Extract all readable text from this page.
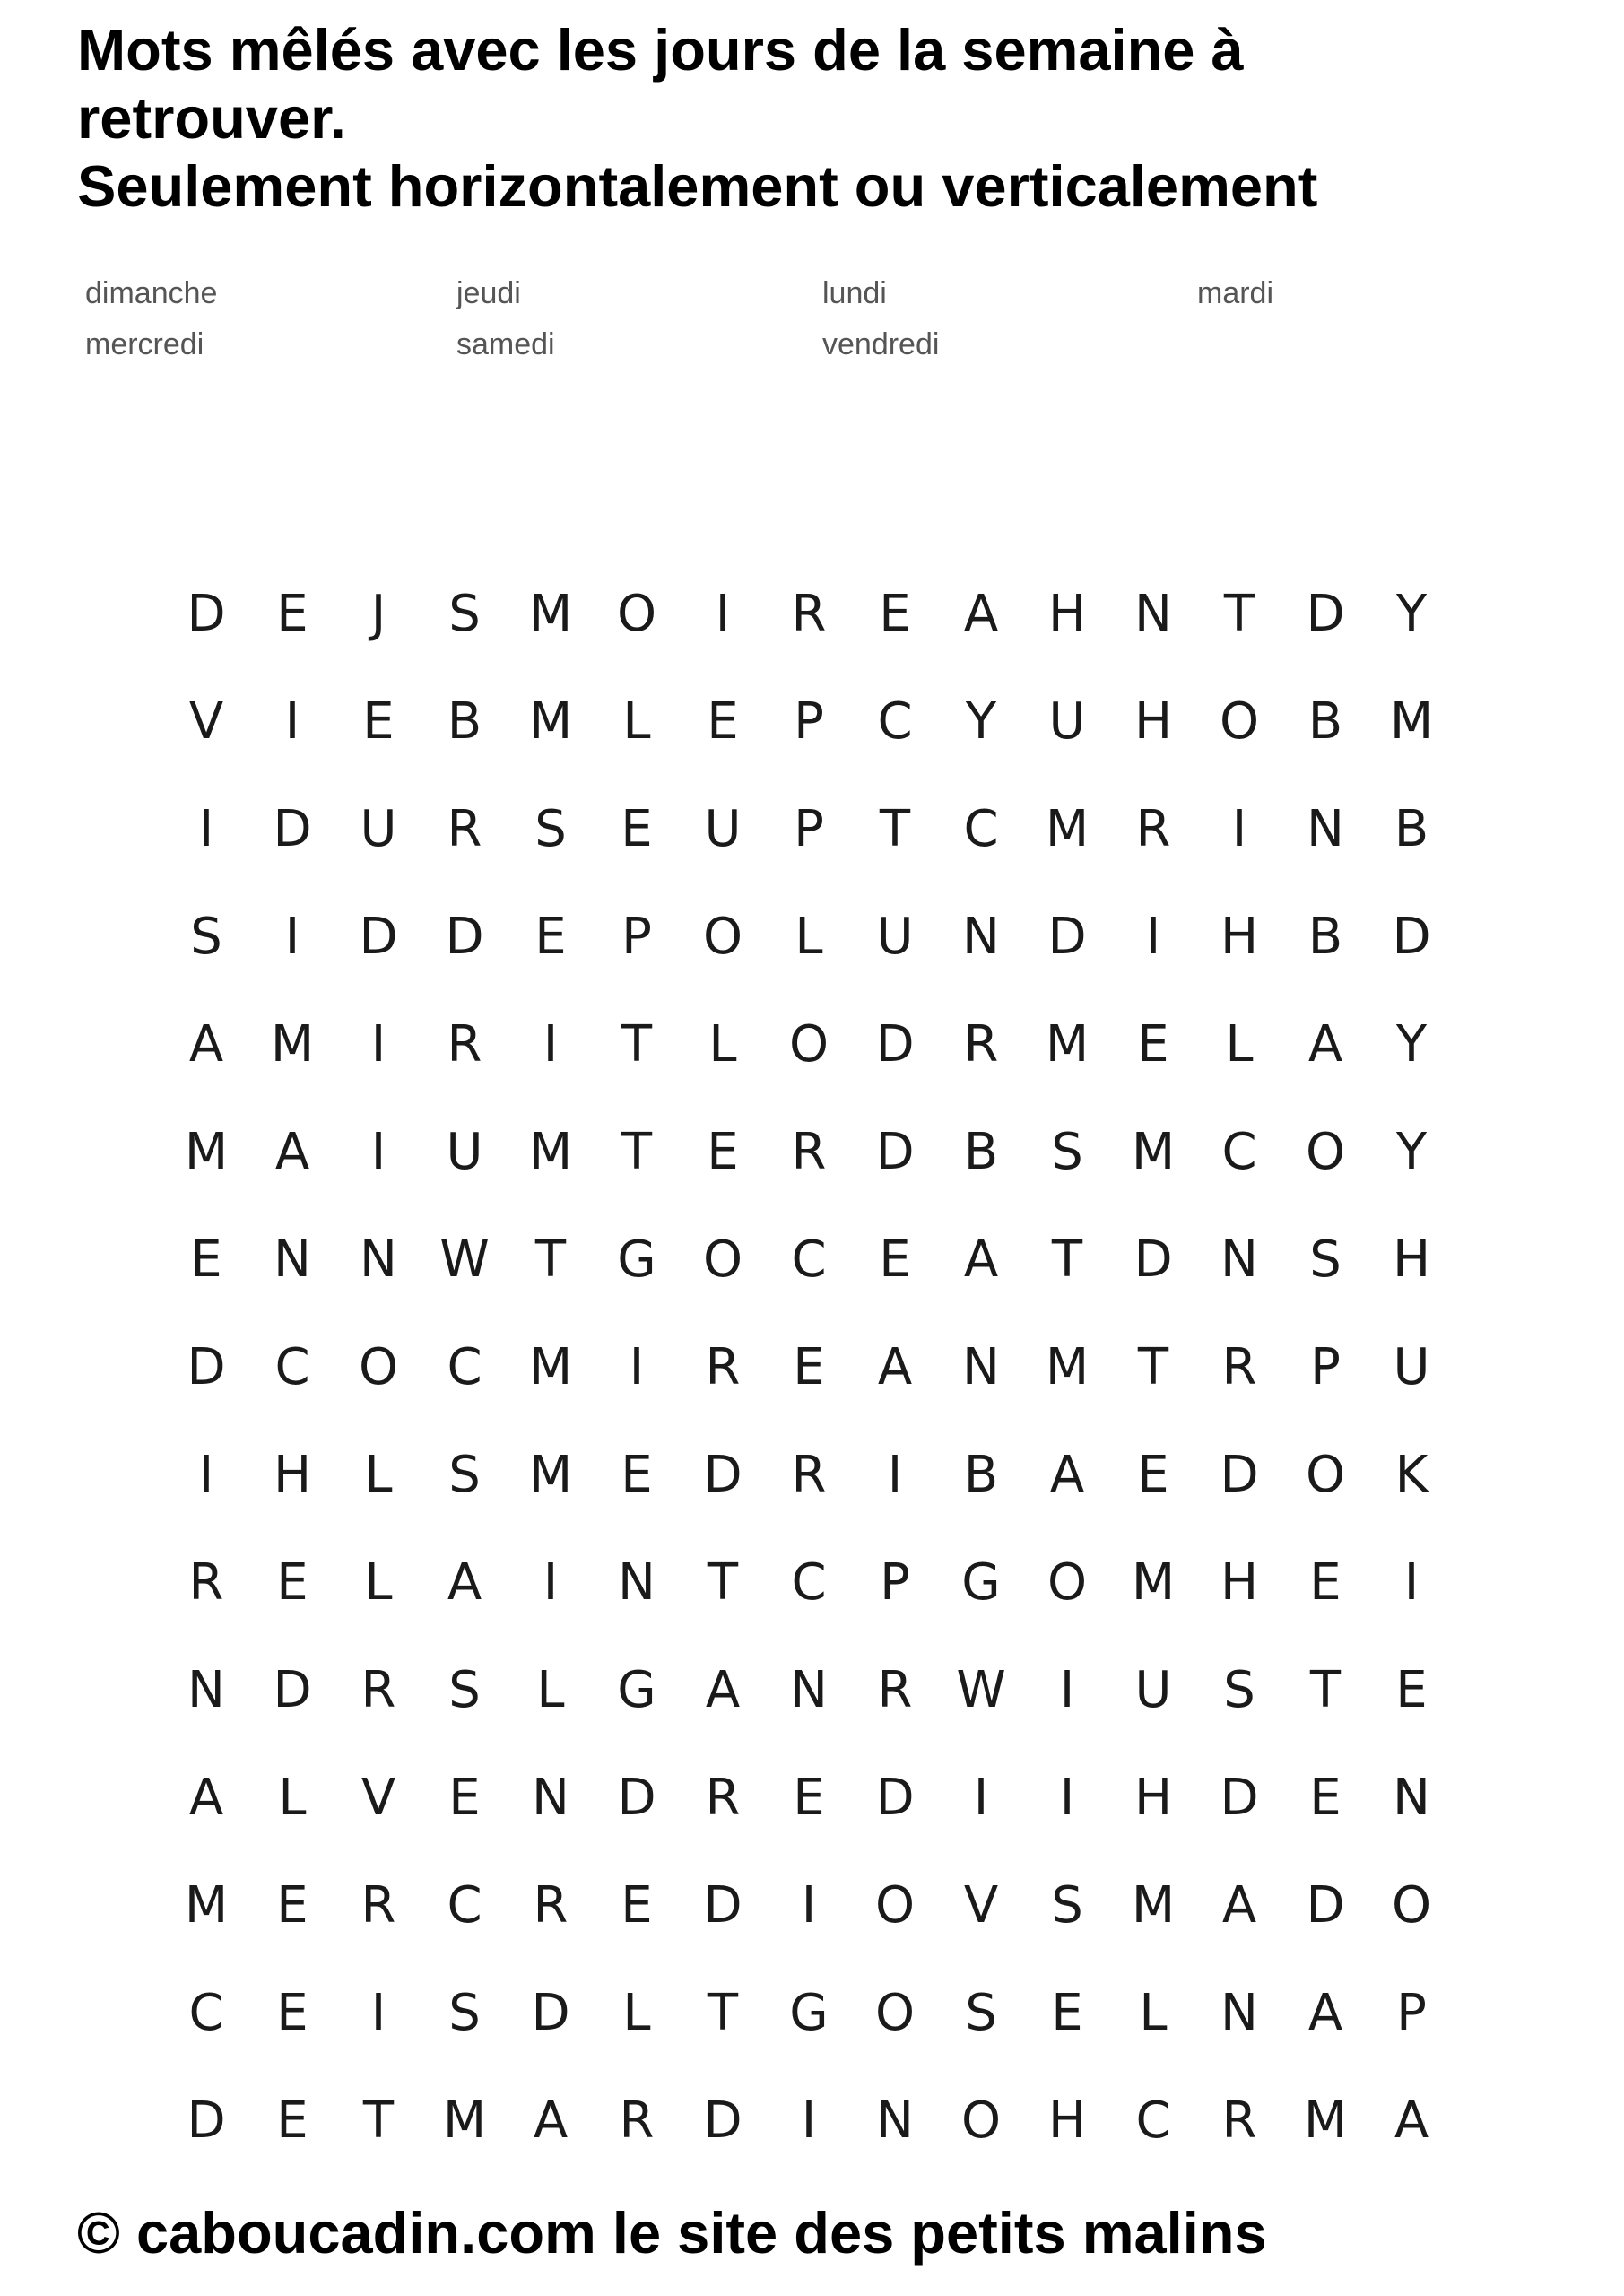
Mots mêlés avec les jours de la semaine à
retrouver.
Seulement horizontalement ou verticalement
dimanche	jeudi	lundi	mardi
mercredi	samedi	vendredi
D	E	J	S M O	I	R	E	A H N	T	D	Y
V	I	E	B M	L	E	P	C	Y	U H O B M
I	D U	R	S	E	U	P	T	C M R	I	N B
S	I	D D	E	P	O	L	U N D	I	H B D
A M	I	R	I	T	L	O D R M E	L	A	Y
M A	I	U M T	E	R D B	S M C O	Y
E	N N W T	G O C	E	A	T	D N	S	H
D C O C M	I	R	E	A N M T	R	P	U
I	H	L	S M E	D R	I	B	A	E	D O K
R	E	L	A	I	N	T	C	P	G O M H	E	I
N D R	S	L	G A N R W	I	U	S	T	E
A	L	V	E	N D R	E	D	I	I	H D	E	N
M E	R	C	R	E	D	I	O V	S M A D O
C	E	I	S	D	L	T	G O	S	E	L	N A	P
D	E	T M A	R D	I	N O H C	R M A
© caboucadin.com le site des petits malins
